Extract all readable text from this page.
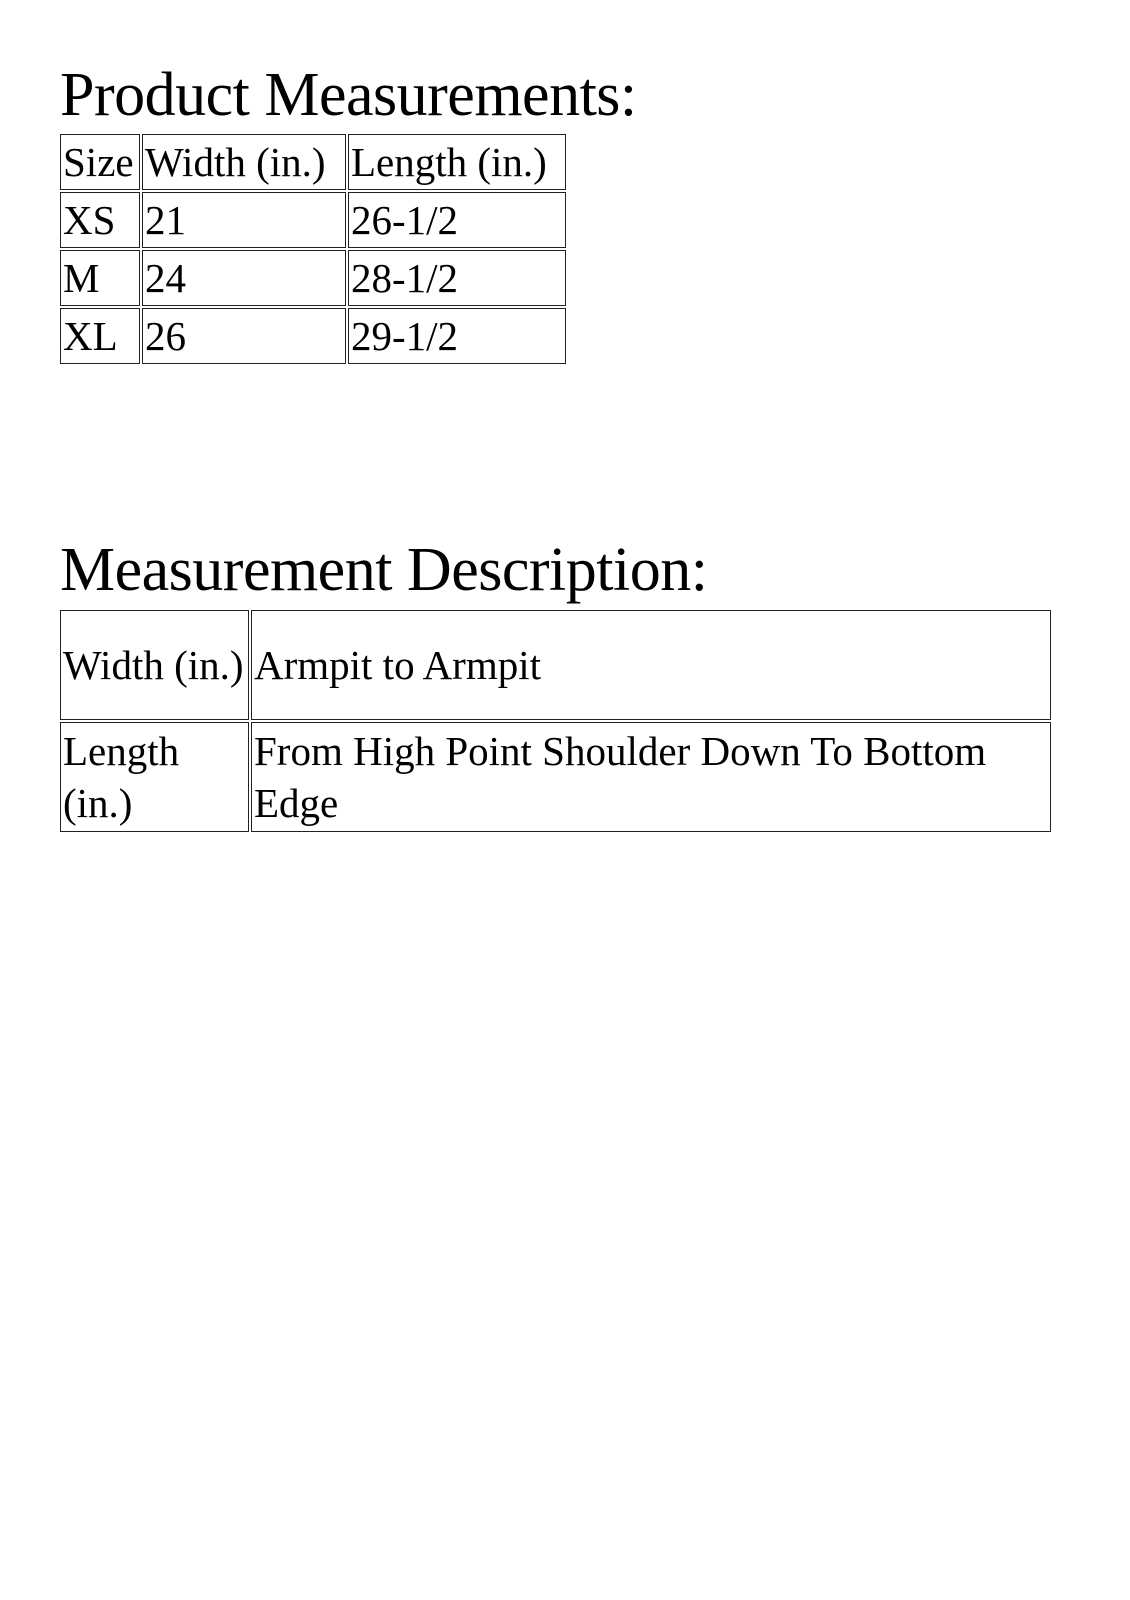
Product Measurements:
Size	Width (in.)	Length (in.)
XS	21	26-1/2
M	24	28-1/2
XL	26	29-1/2
Measurement Description:
Width (in.)	Armpit to Armpit
Length (in.)	From High Point Shoulder Down To Bottom Edge
